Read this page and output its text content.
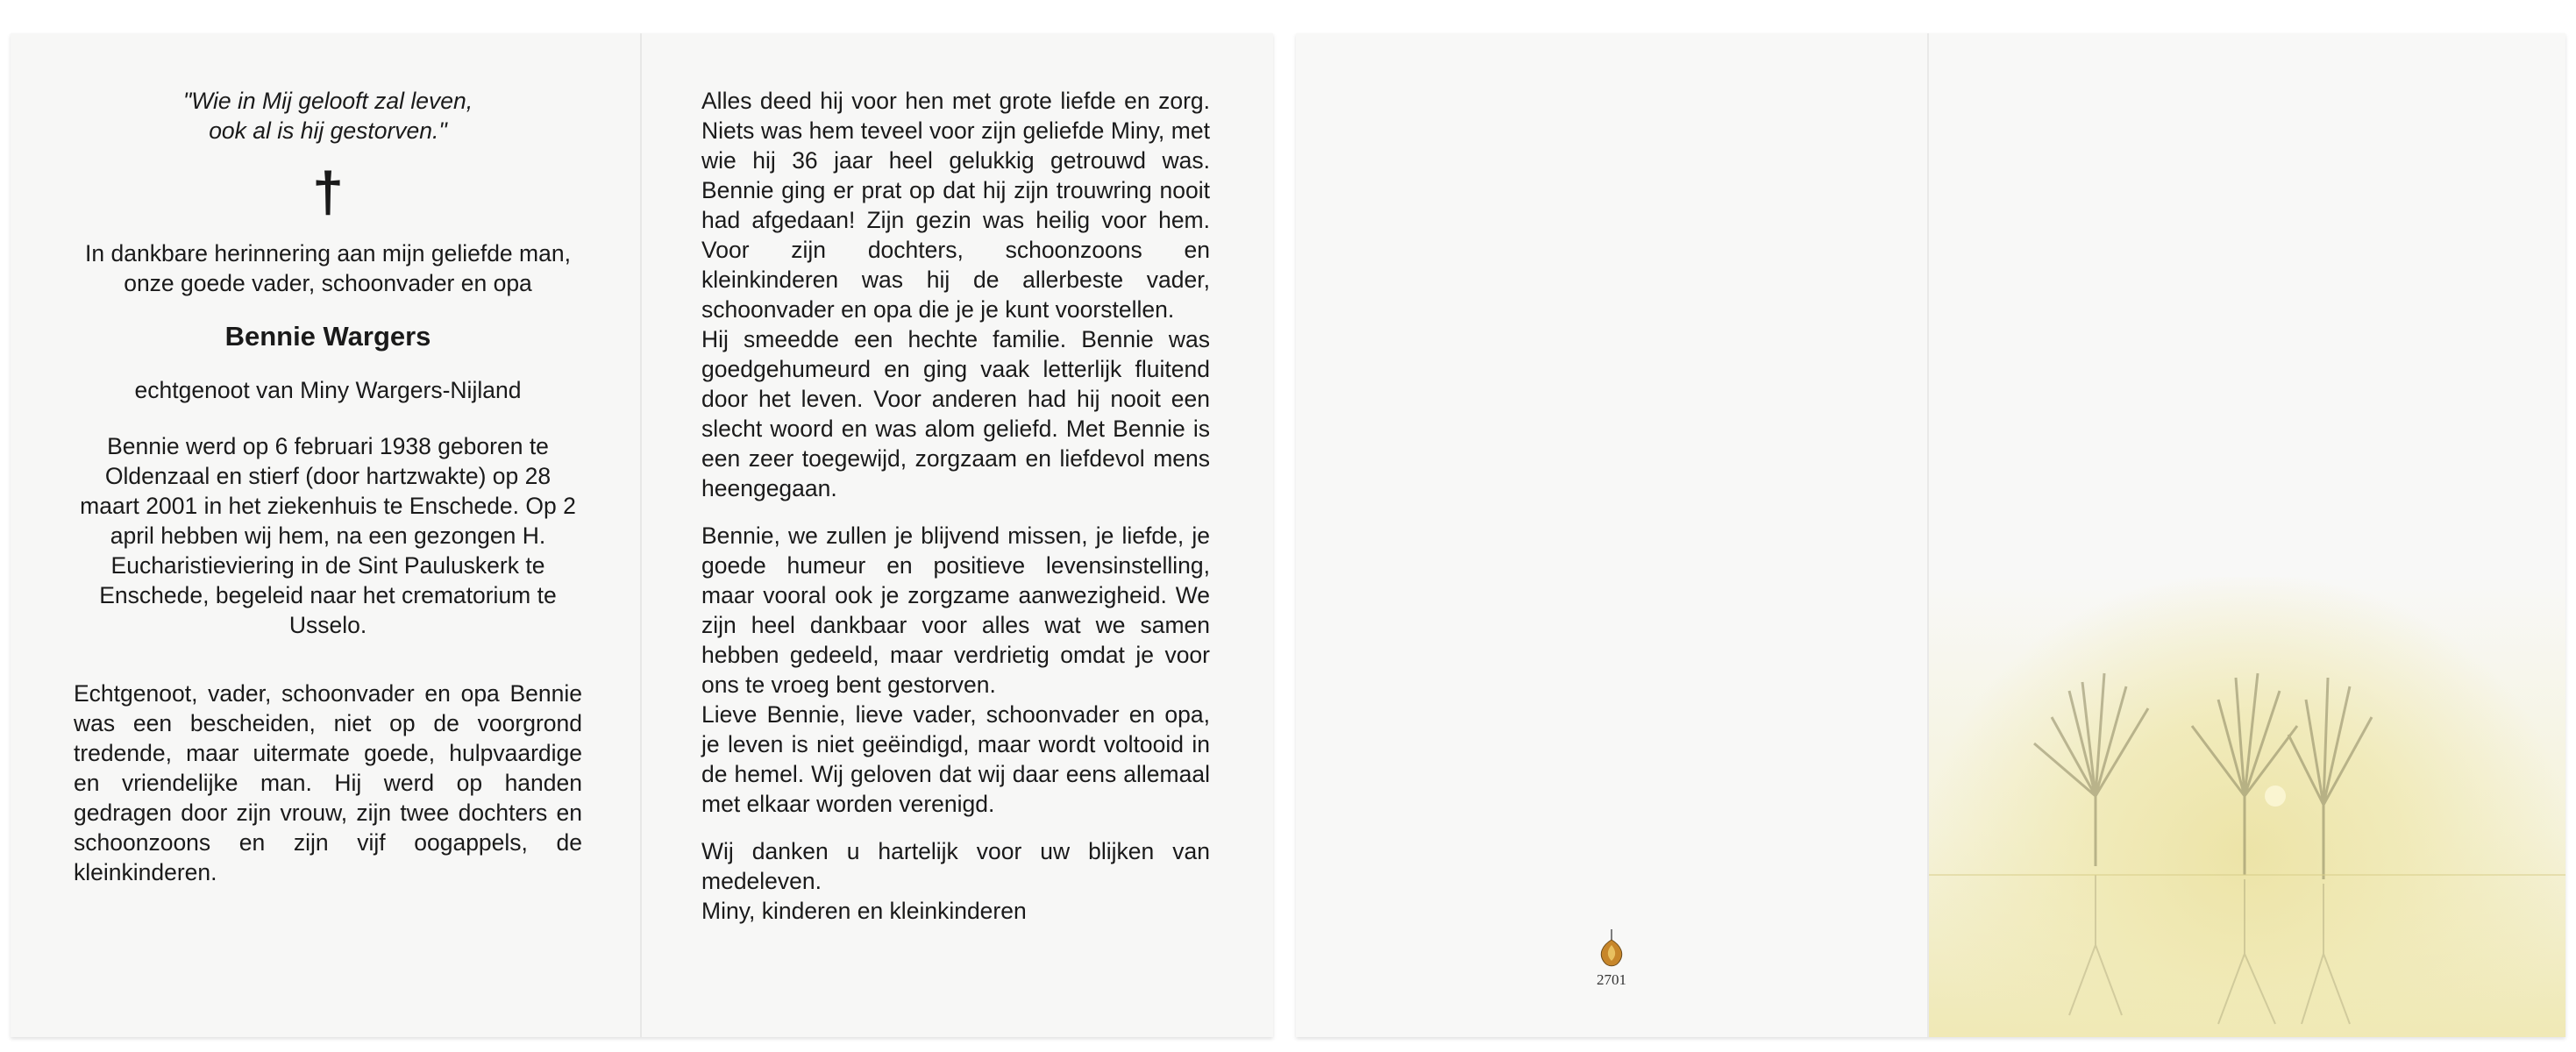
"Wie in Mij gelooft zal leven,
ook al is hij gestorven."
†
In dankbare herinnering aan mijn geliefde man, onze goede vader, schoonvader en opa
Bennie Wargers
echtgenoot van Miny Wargers-Nijland
Bennie werd op 6 februari 1938 geboren te Oldenzaal en stierf (door hartzwakte) op 28 maart 2001 in het ziekenhuis te Enschede. Op 2 april hebben wij hem, na een gezongen H. Eucharistieviering in de Sint Pauluskerk te Enschede, begeleid naar het crematorium te Usselo.
Echtgenoot, vader, schoonvader en opa Bennie was een bescheiden, niet op de voorgrond tredende, maar uitermate goede, hulpvaardige en vriendelijke man. Hij werd op handen gedragen door zijn vrouw, zijn twee dochters en schoonzoons en zijn vijf oogappels, de kleinkinderen.
Alles deed hij voor hen met grote liefde en zorg. Niets was hem teveel voor zijn geliefde Miny, met wie hij 36 jaar heel gelukkig getrouwd was. Bennie ging er prat op dat hij zijn trouwring nooit had afgedaan! Zijn gezin was heilig voor hem. Voor zijn dochters, schoonzoons en kleinkinderen was hij de allerbeste vader, schoonvader en opa die je je kunt voorstellen.
Hij smeedde een hechte familie. Bennie was goedgehumeurd en ging vaak letterlijk fluitend door het leven. Voor anderen had hij nooit een slecht woord en was alom geliefd. Met Bennie is een zeer toegewijd, zorgzaam en liefdevol mens heengegaan.
Bennie, we zullen je blijvend missen, je liefde, je goede humeur en positieve levensinstelling, maar vooral ook je zorgzame aanwezigheid. We zijn heel dankbaar voor alles wat we samen hebben gedeeld, maar verdrietig omdat je voor ons te vroeg bent gestorven.
Lieve Bennie, lieve vader, schoonvader en opa, je leven is niet geëindigd, maar wordt voltooid in de hemel. Wij geloven dat wij daar eens allemaal met elkaar worden verenigd.
Wij danken u hartelijk voor uw blijken van medeleven.
Miny, kinderen en kleinkinderen
2701
